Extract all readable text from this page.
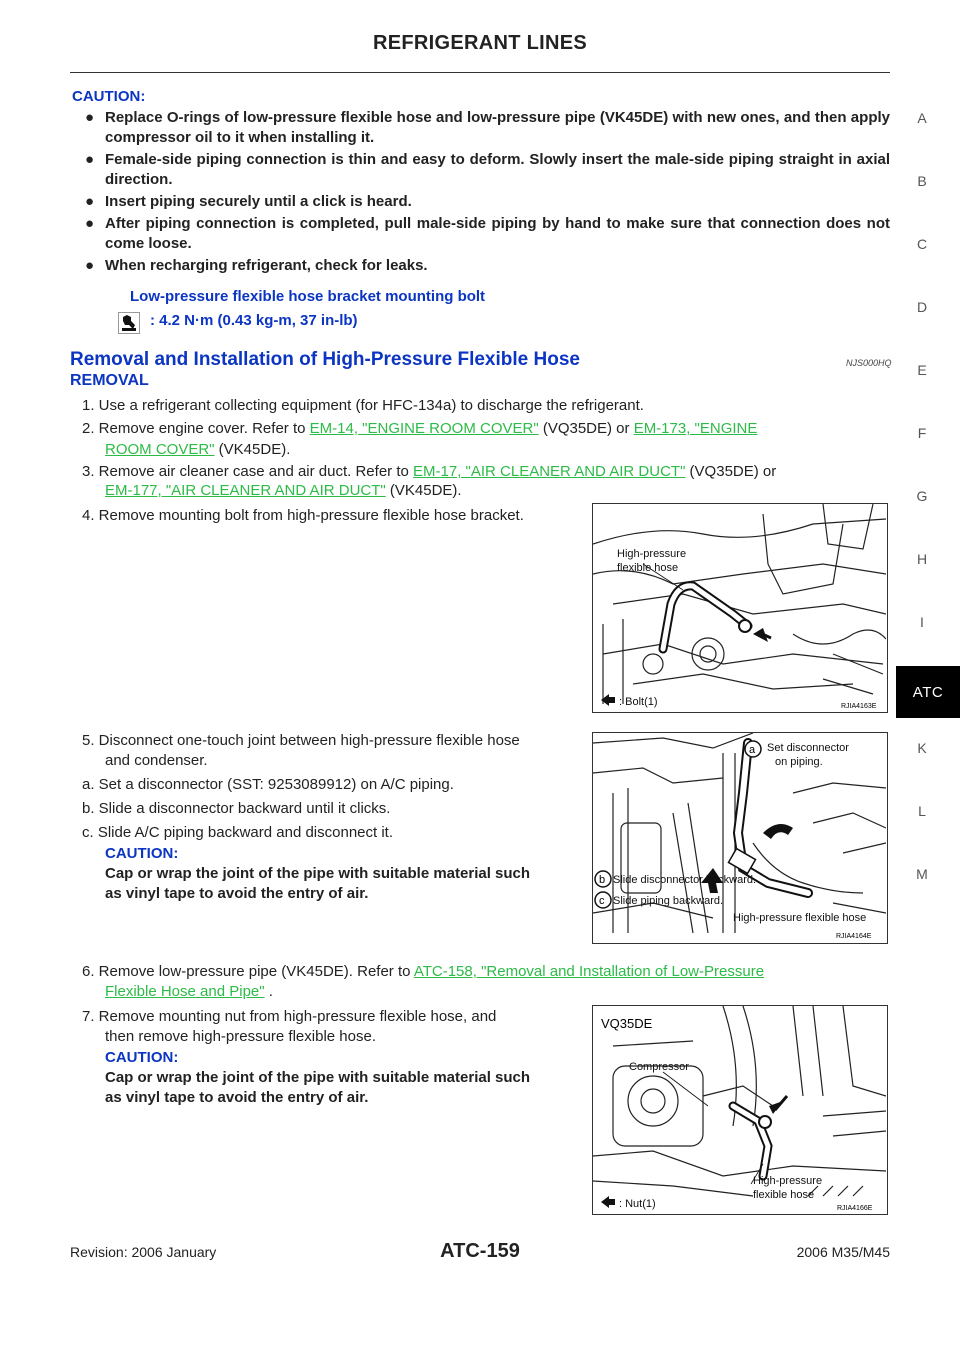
REFRIGERANT LINES
A
B
C
D
E
F
G
H
I
ATC
K
L
M
CAUTION:
● Replace O-rings of low-pressure flexible hose and low-pressure pipe (VK45DE) with new ones, and then apply compressor oil to it when installing it.
● Female-side piping connection is thin and easy to deform. Slowly insert the male-side piping straight in axial direction.
● Insert piping securely until a click is heard.
● After piping connection is completed, pull male-side piping by hand to make sure that connection does not come loose.
● When recharging refrigerant, check for leaks.
Low-pressure flexible hose bracket mounting bolt
: 4.2 N·m (0.43 kg-m, 37 in-lb)
Removal and Installation of High-Pressure Flexible Hose	NJS000HQ
REMOVAL
1. Use a refrigerant collecting equipment (for HFC-134a) to discharge the refrigerant.
2. Remove engine cover. Refer to EM-14, "ENGINE ROOM COVER" (VQ35DE) or EM-173, "ENGINE
ROOM COVER" (VK45DE).
3. Remove air cleaner case and air duct. Refer to EM-17, "AIR CLEANER AND AIR DUCT" (VQ35DE) or
EM-177, "AIR CLEANER AND AIR DUCT" (VK45DE).
4. Remove mounting bolt from high-pressure flexible hose bracket.
High-pressure
flexible hose
: Bolt(1)	RJIA4163E
5. Disconnect one-touch joint between high-pressure flexible hose
and condenser.
a. Set a disconnector (SST: 9253089912) on A/C piping.
b. Slide a disconnector backward until it clicks.
c. Slide A/C piping backward and disconnect it.
CAUTION:
Cap or wrap the joint of the pipe with suitable material such
as vinyl tape to avoid the entry of air.
a Set disconnector
on piping.
b Slide disconnector backward.
c Slide piping backward.
High-pressure flexible hose
RJIA4164E
6. Remove low-pressure pipe (VK45DE). Refer to ATC-158, "Removal and Installation of Low-Pressure
Flexible Hose and Pipe" .
7. Remove mounting nut from high-pressure flexible hose, and
then remove high-pressure flexible hose.
CAUTION:
Cap or wrap the joint of the pipe with suitable material such
as vinyl tape to avoid the entry of air.
VQ35DE
Compressor
High-pressure
flexible hose
: Nut(1)	RJIA4166E
Revision: 2006 January	ATC-159	2006 M35/M45
